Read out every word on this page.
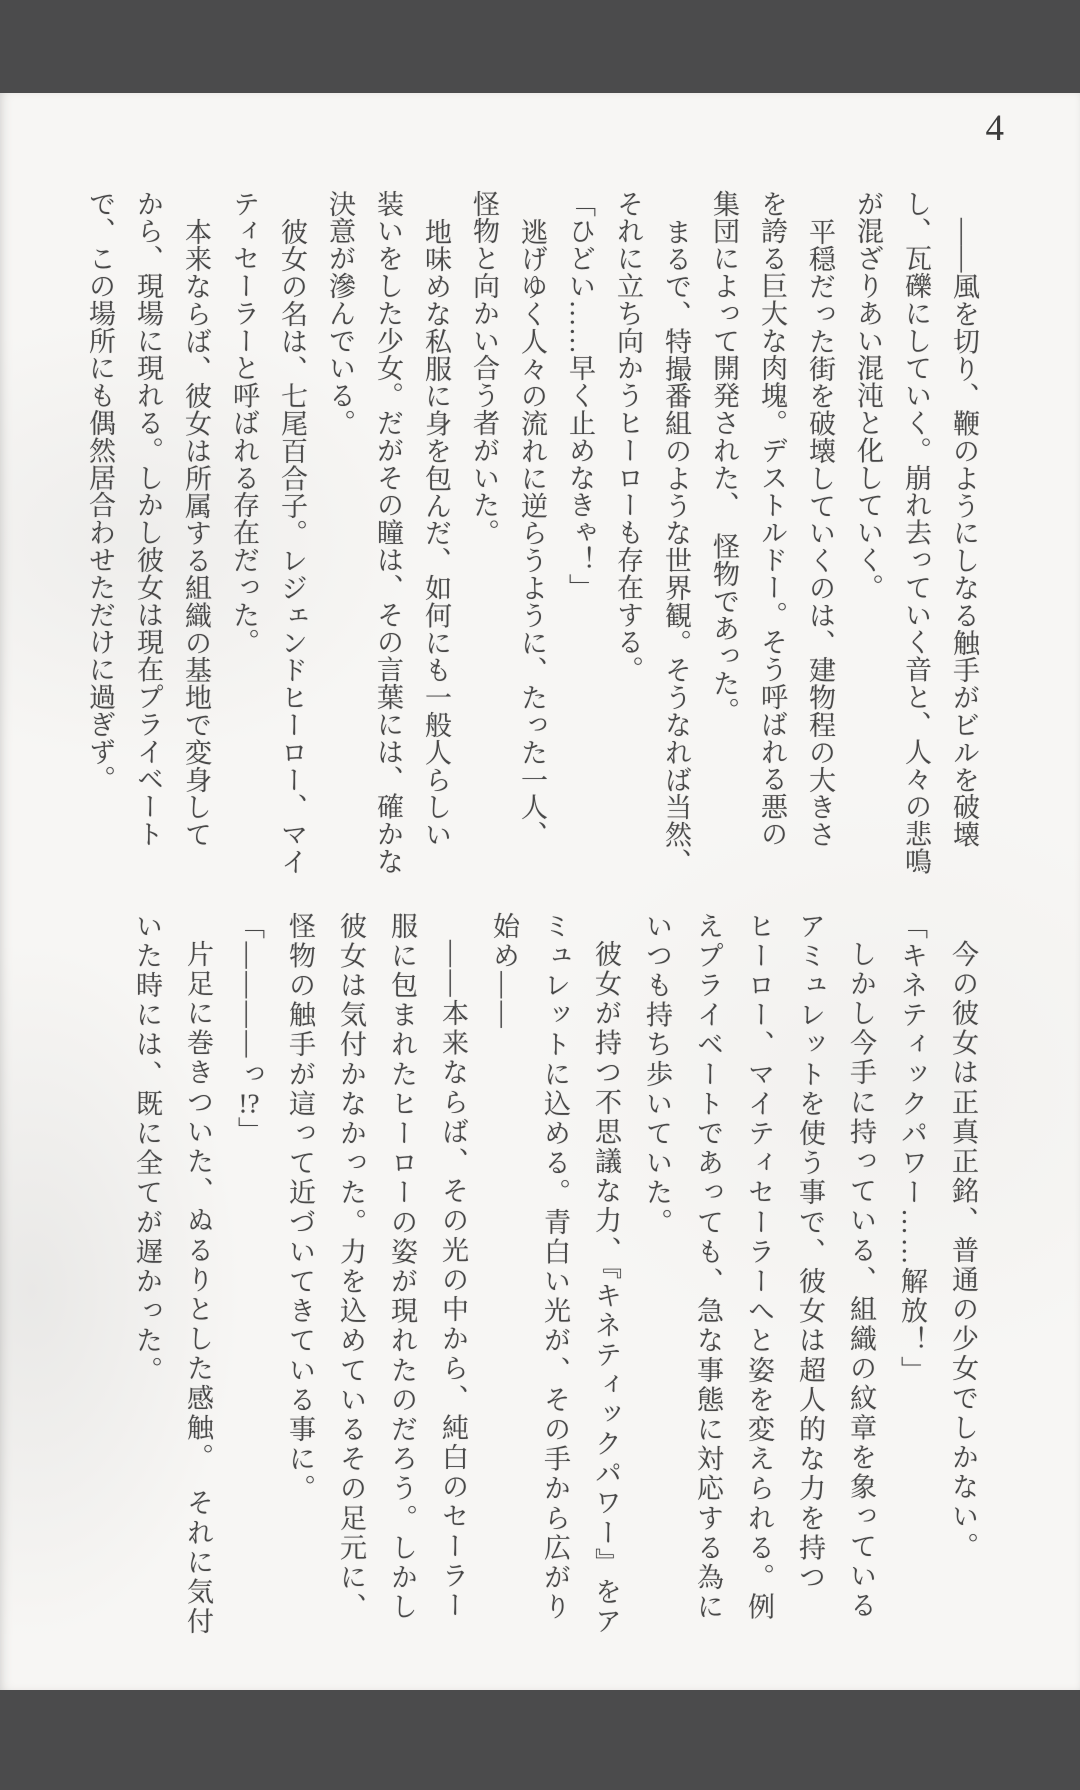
4

――風を切り、鞭のようにしなる触手がビルを破壊

し、瓦礫にしていく。崩れ去っていく音と、人々の悲鳴

が混ざりあい混沌と化していく。

平穏だった街を破壊していくのは、建物程の大きさ

を誇る巨大な肉塊。デストルドー。そう呼ばれる悪の

集団によって開発された、　怪物であった。

まるで、特撮番組のような世界観。そうなれば当然、

それに立ち向かうヒーローも存在する。

「ひどい……早く止めなきゃ！」

逃げゆく人々の流れに逆らうように、たった一人、

怪物と向かい合う者がいた。

地味めな私服に身を包んだ、如何にも一般人らしい

装いをした少女。だがその瞳は、その言葉には、確かな

決意が滲んでいる。

彼女の名は、七尾百合子。レジェンドヒーロー、マイ

ティセーラーと呼ばれる存在だった。

本来ならば、彼女は所属する組織の基地で変身して

から、現場に現れる。しかし彼女は現在プライベート

で、この場所にも偶然居合わせただけに過ぎず。

今の彼女は正真正銘、普通の少女でしかない。

「キネティックパワー……解放！」

しかし今手に持っている、組織の紋章を象っている

アミュレットを使う事で、彼女は超人的な力を持つ

ヒーロー、マイティセーラーへと姿を変えられる。例

えプライベートであっても、急な事態に対応する為に

いつも持ち歩いていた。

彼女が持つ不思議な力、『キネティックパワー』をア

ミュレットに込める。青白い光が、その手から広がり

始め――

――本来ならば、その光の中から、純白のセーラー

服に包まれたヒーローの姿が現れたのだろう。しかし

彼女は気付かなかった。力を込めているその足元に、

怪物の触手が這って近づいてきている事に。

「――――っ!?」

片足に巻きついた、ぬるりとした感触。　それに気付

いた時には、既に全てが遅かった。
